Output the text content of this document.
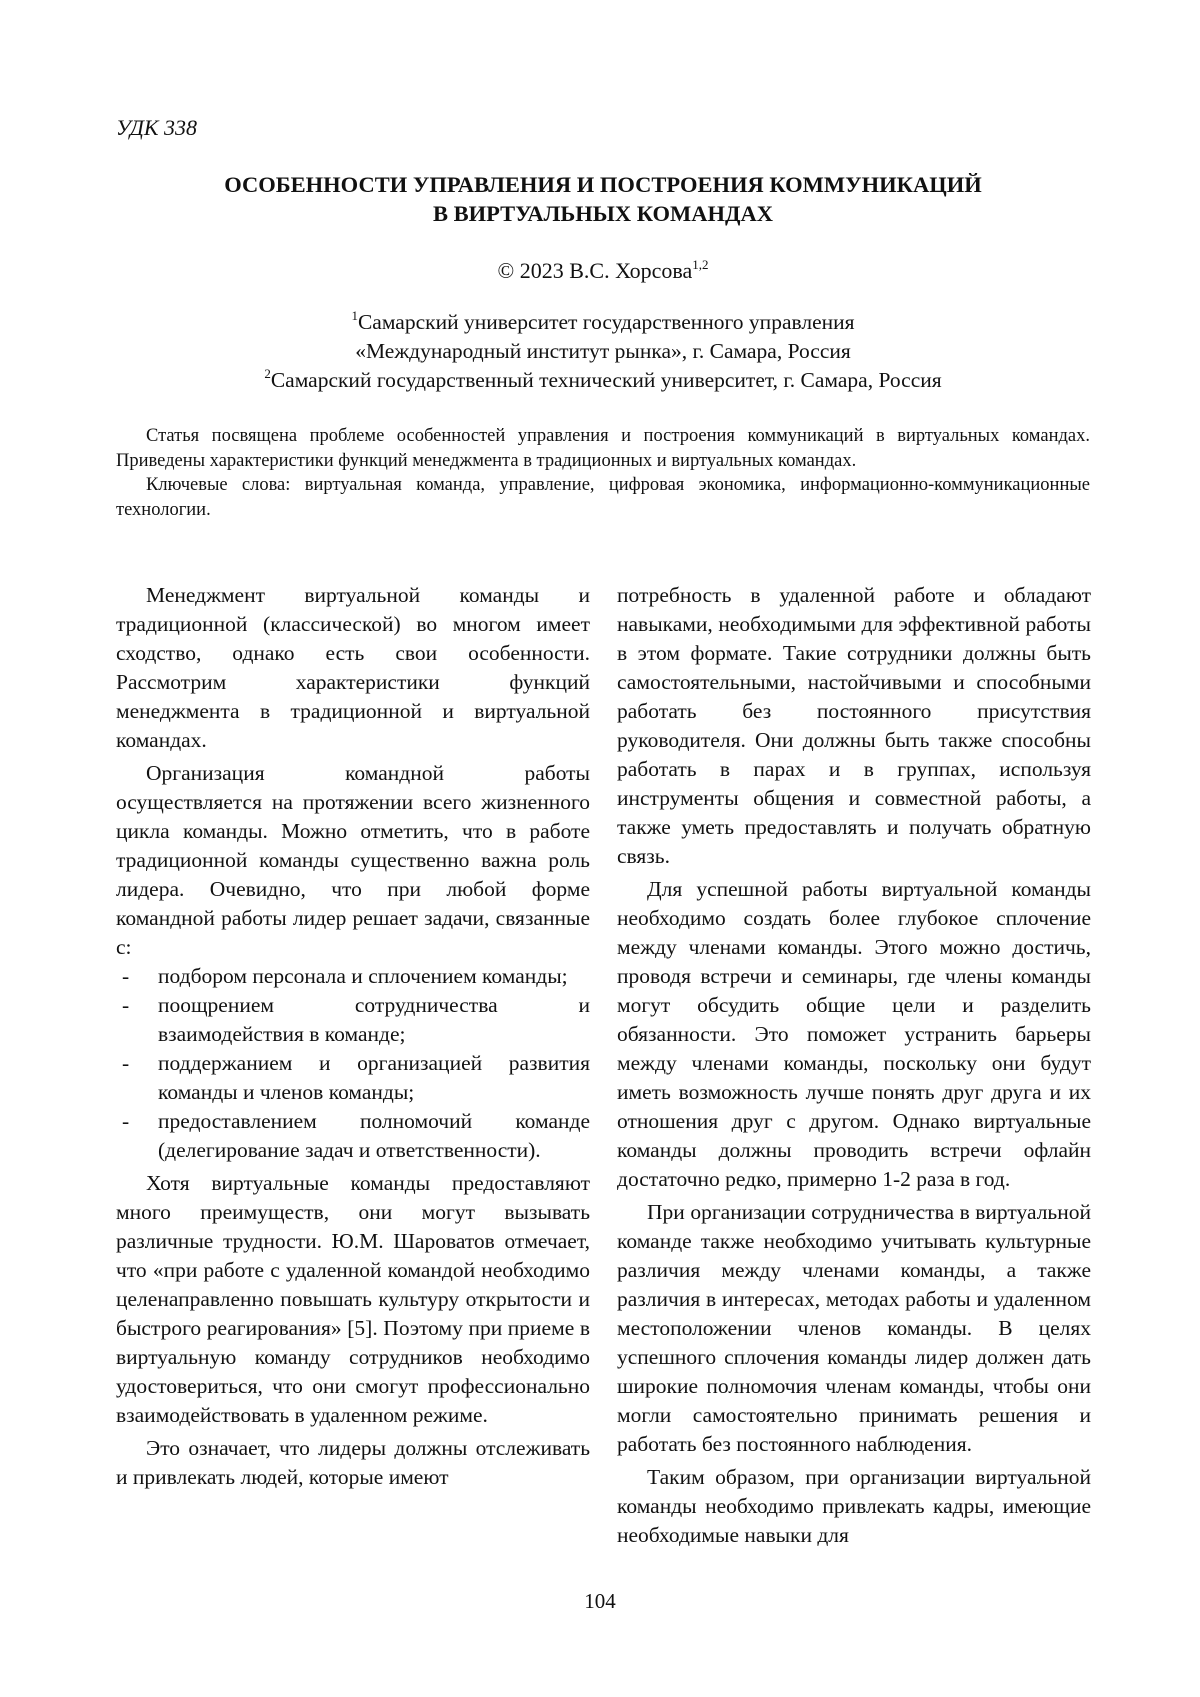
УДК 338
ОСОБЕННОСТИ УПРАВЛЕНИЯ И ПОСТРОЕНИЯ КОММУНИКАЦИЙ
В ВИРТУАЛЬНЫХ КОМАНДАХ
© 2023 В.С. Хорсова$^{1,2}$
$^1$Самарский университет государственного управления
«Международный институт рынка», г. Самара, Россия
$^2$Самарский государственный технический университет, г. Самара, Россия

Статья посвящена проблеме особенностей управления и построения коммуникаций в виртуальных командах. Приведены характеристики функций менеджмента в традиционных и виртуальных командах.

Ключевые слова: виртуальная команда, управление, цифровая экономика, информационно-коммуникационные технологии.

Менеджмент виртуальной команды и традиционной (классической) во многом имеет сходство, однако есть свои особенности. Рассмотрим характеристики функций менеджмента в традиционной и виртуальной командах.

Организация командной работы осуществляется на протяжении всего жизненного цикла команды. Можно отметить, что в работе традиционной команды существенно важна роль лидера. Очевидно, что при любой форме командной работы лидер решает задачи, связанные с:

- подбором персонала и сплочением команды;
- поощрением сотрудничества и взаимодействия в команде;
- поддержанием и организацией развития команды и членов команды;
- предоставлением полномочий команде (делегирование задач и ответственности).

Хотя виртуальные команды предоставляют много преимуществ, они могут вызывать различные трудности. Ю.М. Шароватов отмечает, что «при работе с удаленной командой необходимо целенаправленно повышать культуру открытости и быстрого реагирования» [5]. Поэтому при приеме в виртуальную команду сотрудников необходимо удостовериться, что они смогут профессионально взаимодействовать в удаленном режиме.

Это означает, что лидеры должны отслеживать и привлекать людей, которые имеют

потребность в удаленной работе и обладают навыками, необходимыми для эффективной работы в этом формате. Такие сотрудники должны быть самостоятельными, настойчивыми и способными работать без постоянного присутствия руководителя. Они должны быть также способны работать в парах и в группах, используя инструменты общения и совместной работы, а также уметь предоставлять и получать обратную связь.

Для успешной работы виртуальной команды необходимо создать более глубокое сплочение между членами команды. Этого можно достичь, проводя встречи и семинары, где члены команды могут обсудить общие цели и разделить обязанности. Это поможет устранить барьеры между членами команды, поскольку они будут иметь возможность лучше понять друг друга и их отношения друг с другом. Однако виртуальные команды должны проводить встречи офлайн достаточно редко, примерно 1-2 раза в год.

При организации сотрудничества в виртуальной команде также необходимо учитывать культурные различия между членами команды, а также различия в интересах, методах работы и удаленном местоположении членов команды. В целях успешного сплочения команды лидер должен дать широкие полномочия членам команды, чтобы они могли самостоятельно принимать решения и работать без постоянного наблюдения.

Таким образом, при организации виртуальной команды необходимо привлекать кадры, имеющие необходимые навыки для

104
